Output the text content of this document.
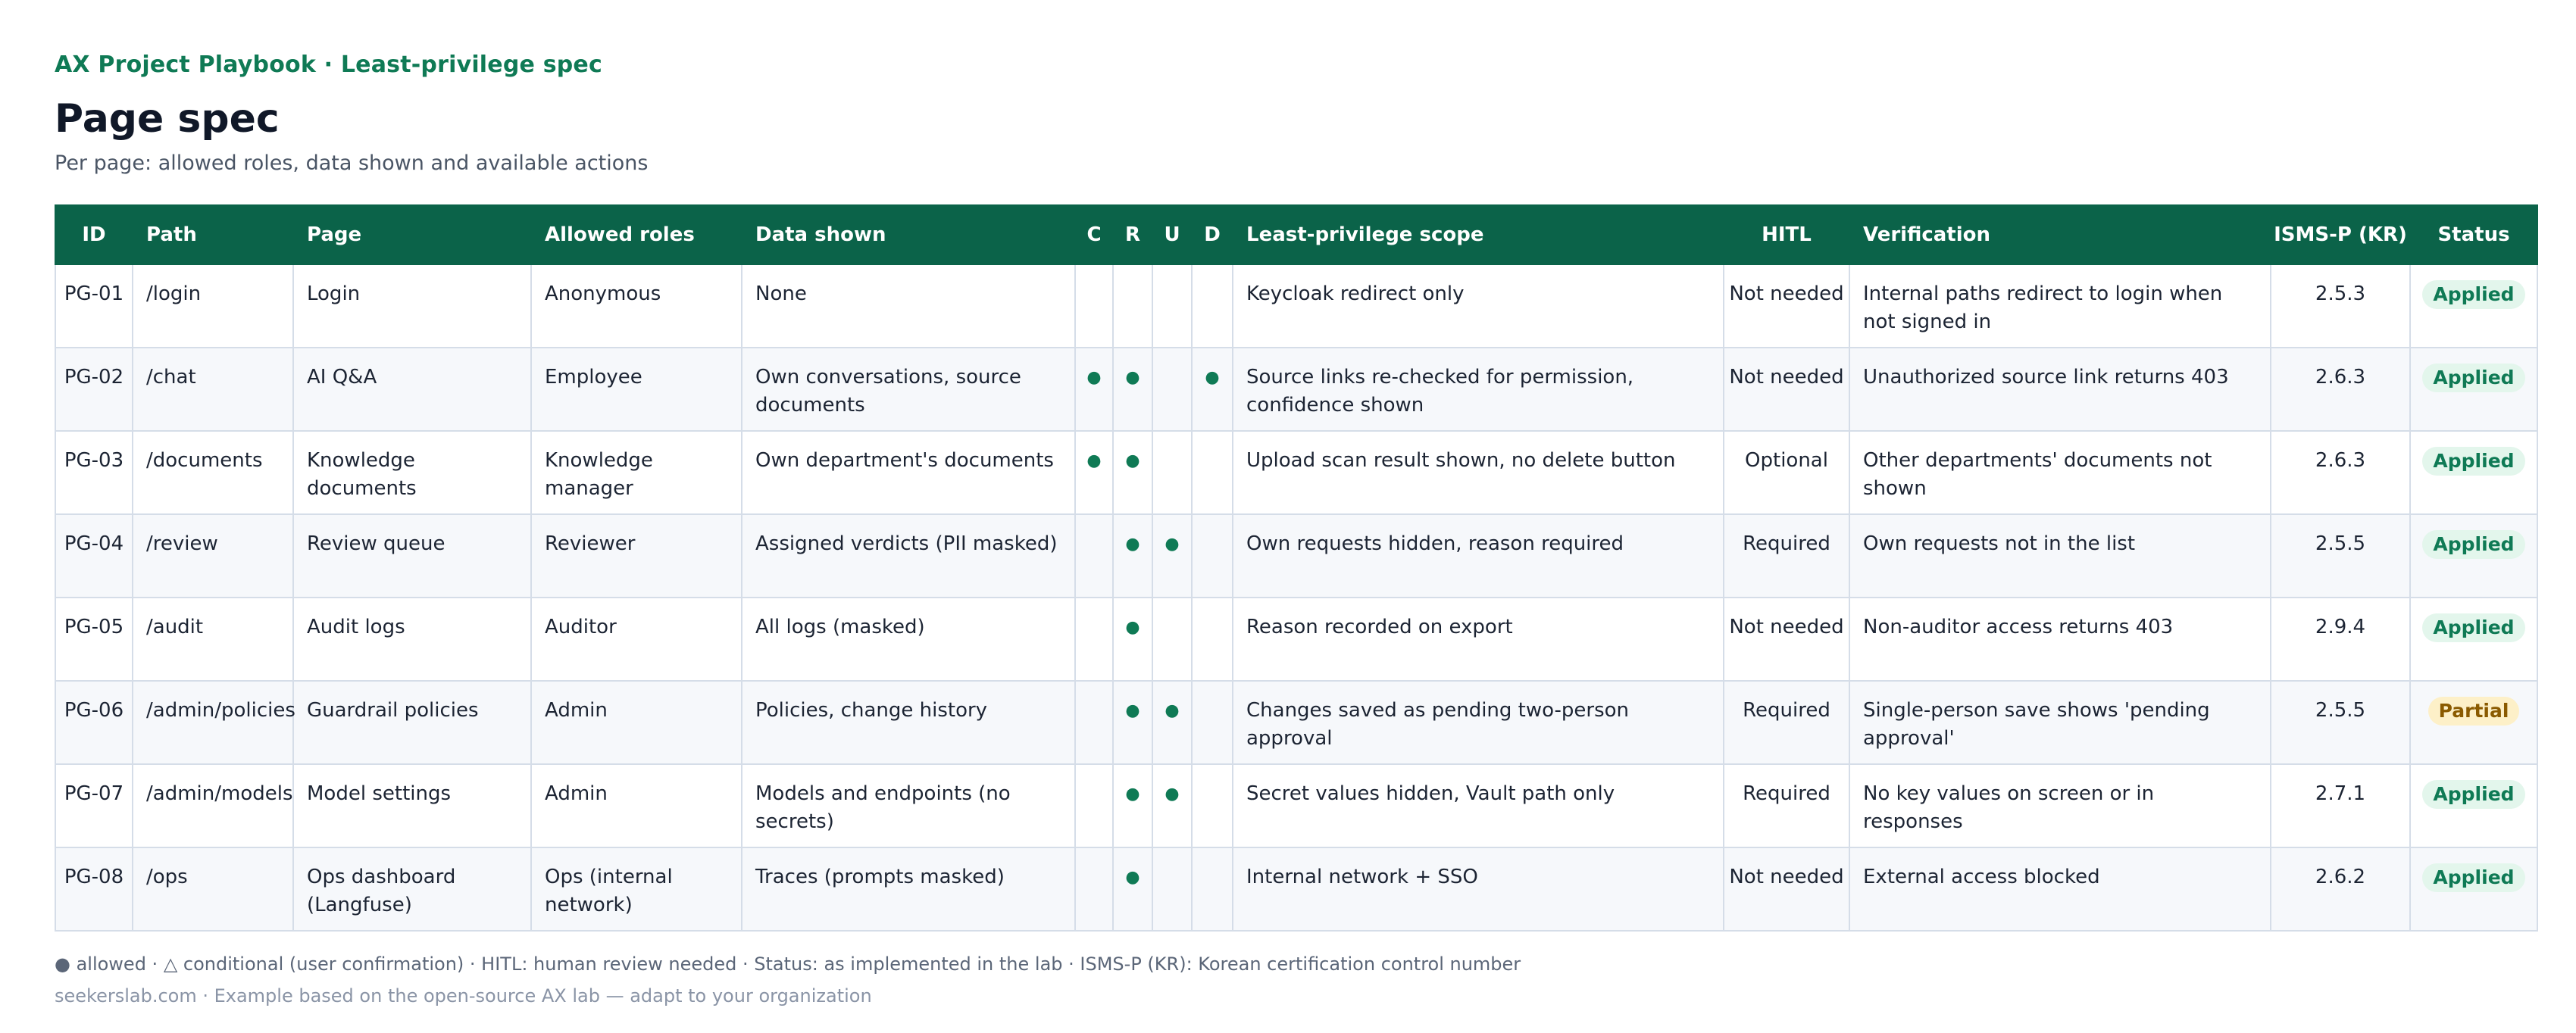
AX Project Playbook · Least-privilege spec

Page spec

Per page: allowed roles, data shown and available actions

ID	Path	Page	Allowed roles	Data shown	C	R	U	D	Least-privilege scope	HITL	Verification	ISMS-P (KR)	Status
PG-01	/login	Login	Anonymous	None					Keycloak redirect only	Not needed	Internal paths redirect to login when not signed in	2.5.3	Applied
PG-02	/chat	AI Q&A	Employee	Own conversations, source documents	●	●		●	Source links re-checked for permission, confidence shown	Not needed	Unauthorized source link returns 403	2.6.3	Applied
PG-03	/documents	Knowledge documents	Knowledge manager	Own department's documents	●	●			Upload scan result shown, no delete button	Optional	Other departments' documents not shown	2.6.3	Applied
PG-04	/review	Review queue	Reviewer	Assigned verdicts (PII masked)		●	●		Own requests hidden, reason required	Required	Own requests not in the list	2.5.5	Applied
PG-05	/audit	Audit logs	Auditor	All logs (masked)		●			Reason recorded on export	Not needed	Non-auditor access returns 403	2.9.4	Applied
PG-06	/admin/policies	Guardrail policies	Admin	Policies, change history		●	●		Changes saved as pending two-person approval	Required	Single-person save shows 'pending approval'	2.5.5	Partial
PG-07	/admin/models	Model settings	Admin	Models and endpoints (no secrets)		●	●		Secret values hidden, Vault path only	Required	No key values on screen or in responses	2.7.1	Applied
PG-08	/ops	Ops dashboard (Langfuse)	Ops (internal network)	Traces (prompts masked)		●			Internal network + SSO	Not needed	External access blocked	2.6.2	Applied
● allowed · △ conditional (user confirmation) · HITL: human review needed · Status: as implemented in the lab · ISMS-P (KR): Korean certification control number
seekerslab.com · Example based on the open-source AX lab — adapt to your organization
